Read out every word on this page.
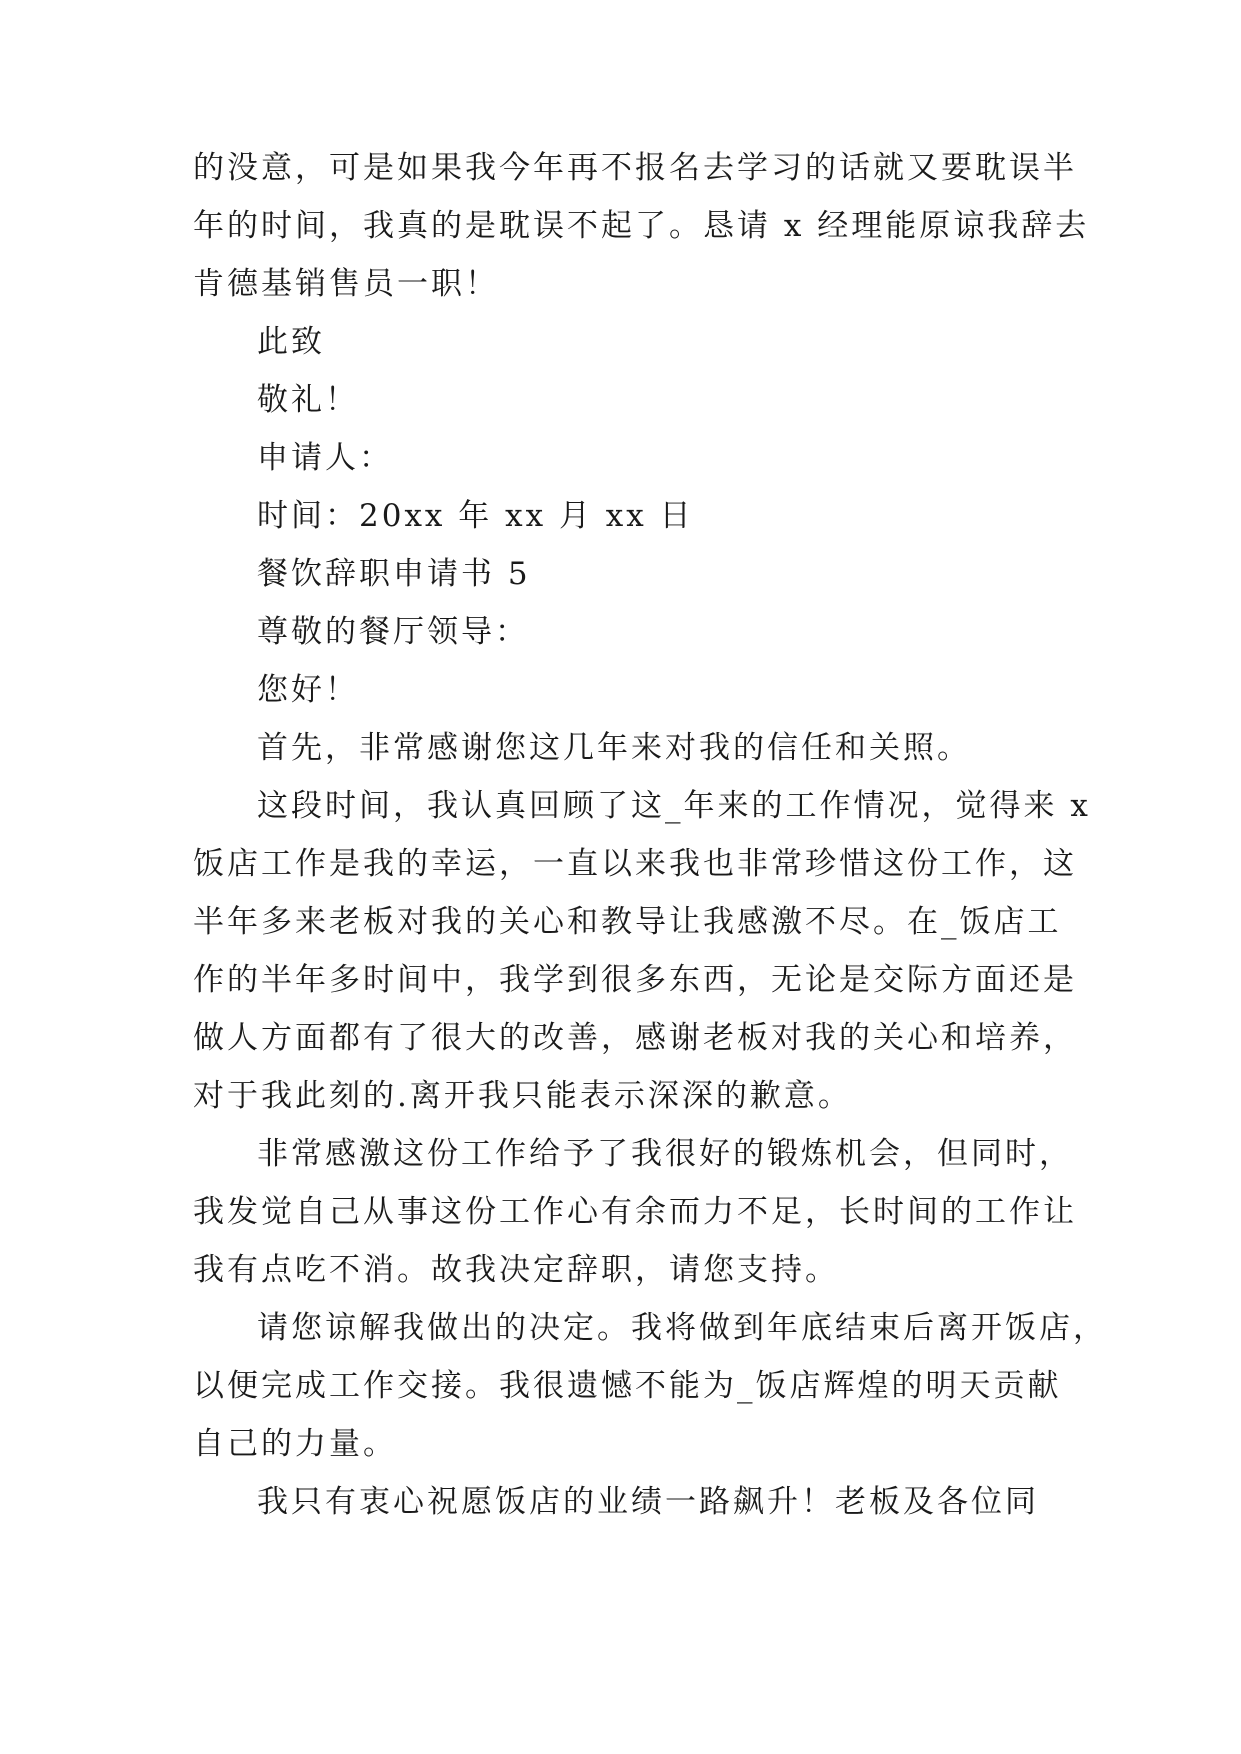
的没意，可是如果我今年再不报名去学习的话就又要耽误半
年的时间，我真的是耽误不起了。恳请 x 经理能原谅我辞去
肯德基销售员一职！
此致
敬礼！
申请人：
时间：20xx 年 xx 月 xx 日
餐饮辞职申请书 5
尊敬的餐厅领导：
您好！
首先，非常感谢您这几年来对我的信任和关照。
这段时间，我认真回顾了这_年来的工作情况，觉得来 x
饭店工作是我的幸运，一直以来我也非常珍惜这份工作，这
半年多来老板对我的关心和教导让我感激不尽。在_饭店工
作的半年多时间中，我学到很多东西，无论是交际方面还是
做人方面都有了很大的改善，感谢老板对我的关心和培养，
对于我此刻的.离开我只能表示深深的歉意。
非常感激这份工作给予了我很好的锻炼机会，但同时，
我发觉自己从事这份工作心有余而力不足，长时间的工作让
我有点吃不消。故我决定辞职，请您支持。
请您谅解我做出的决定。我将做到年底结束后离开饭店，
以便完成工作交接。我很遗憾不能为_饭店辉煌的明天贡献
自己的力量。
我只有衷心祝愿饭店的业绩一路飙升！老板及各位同
